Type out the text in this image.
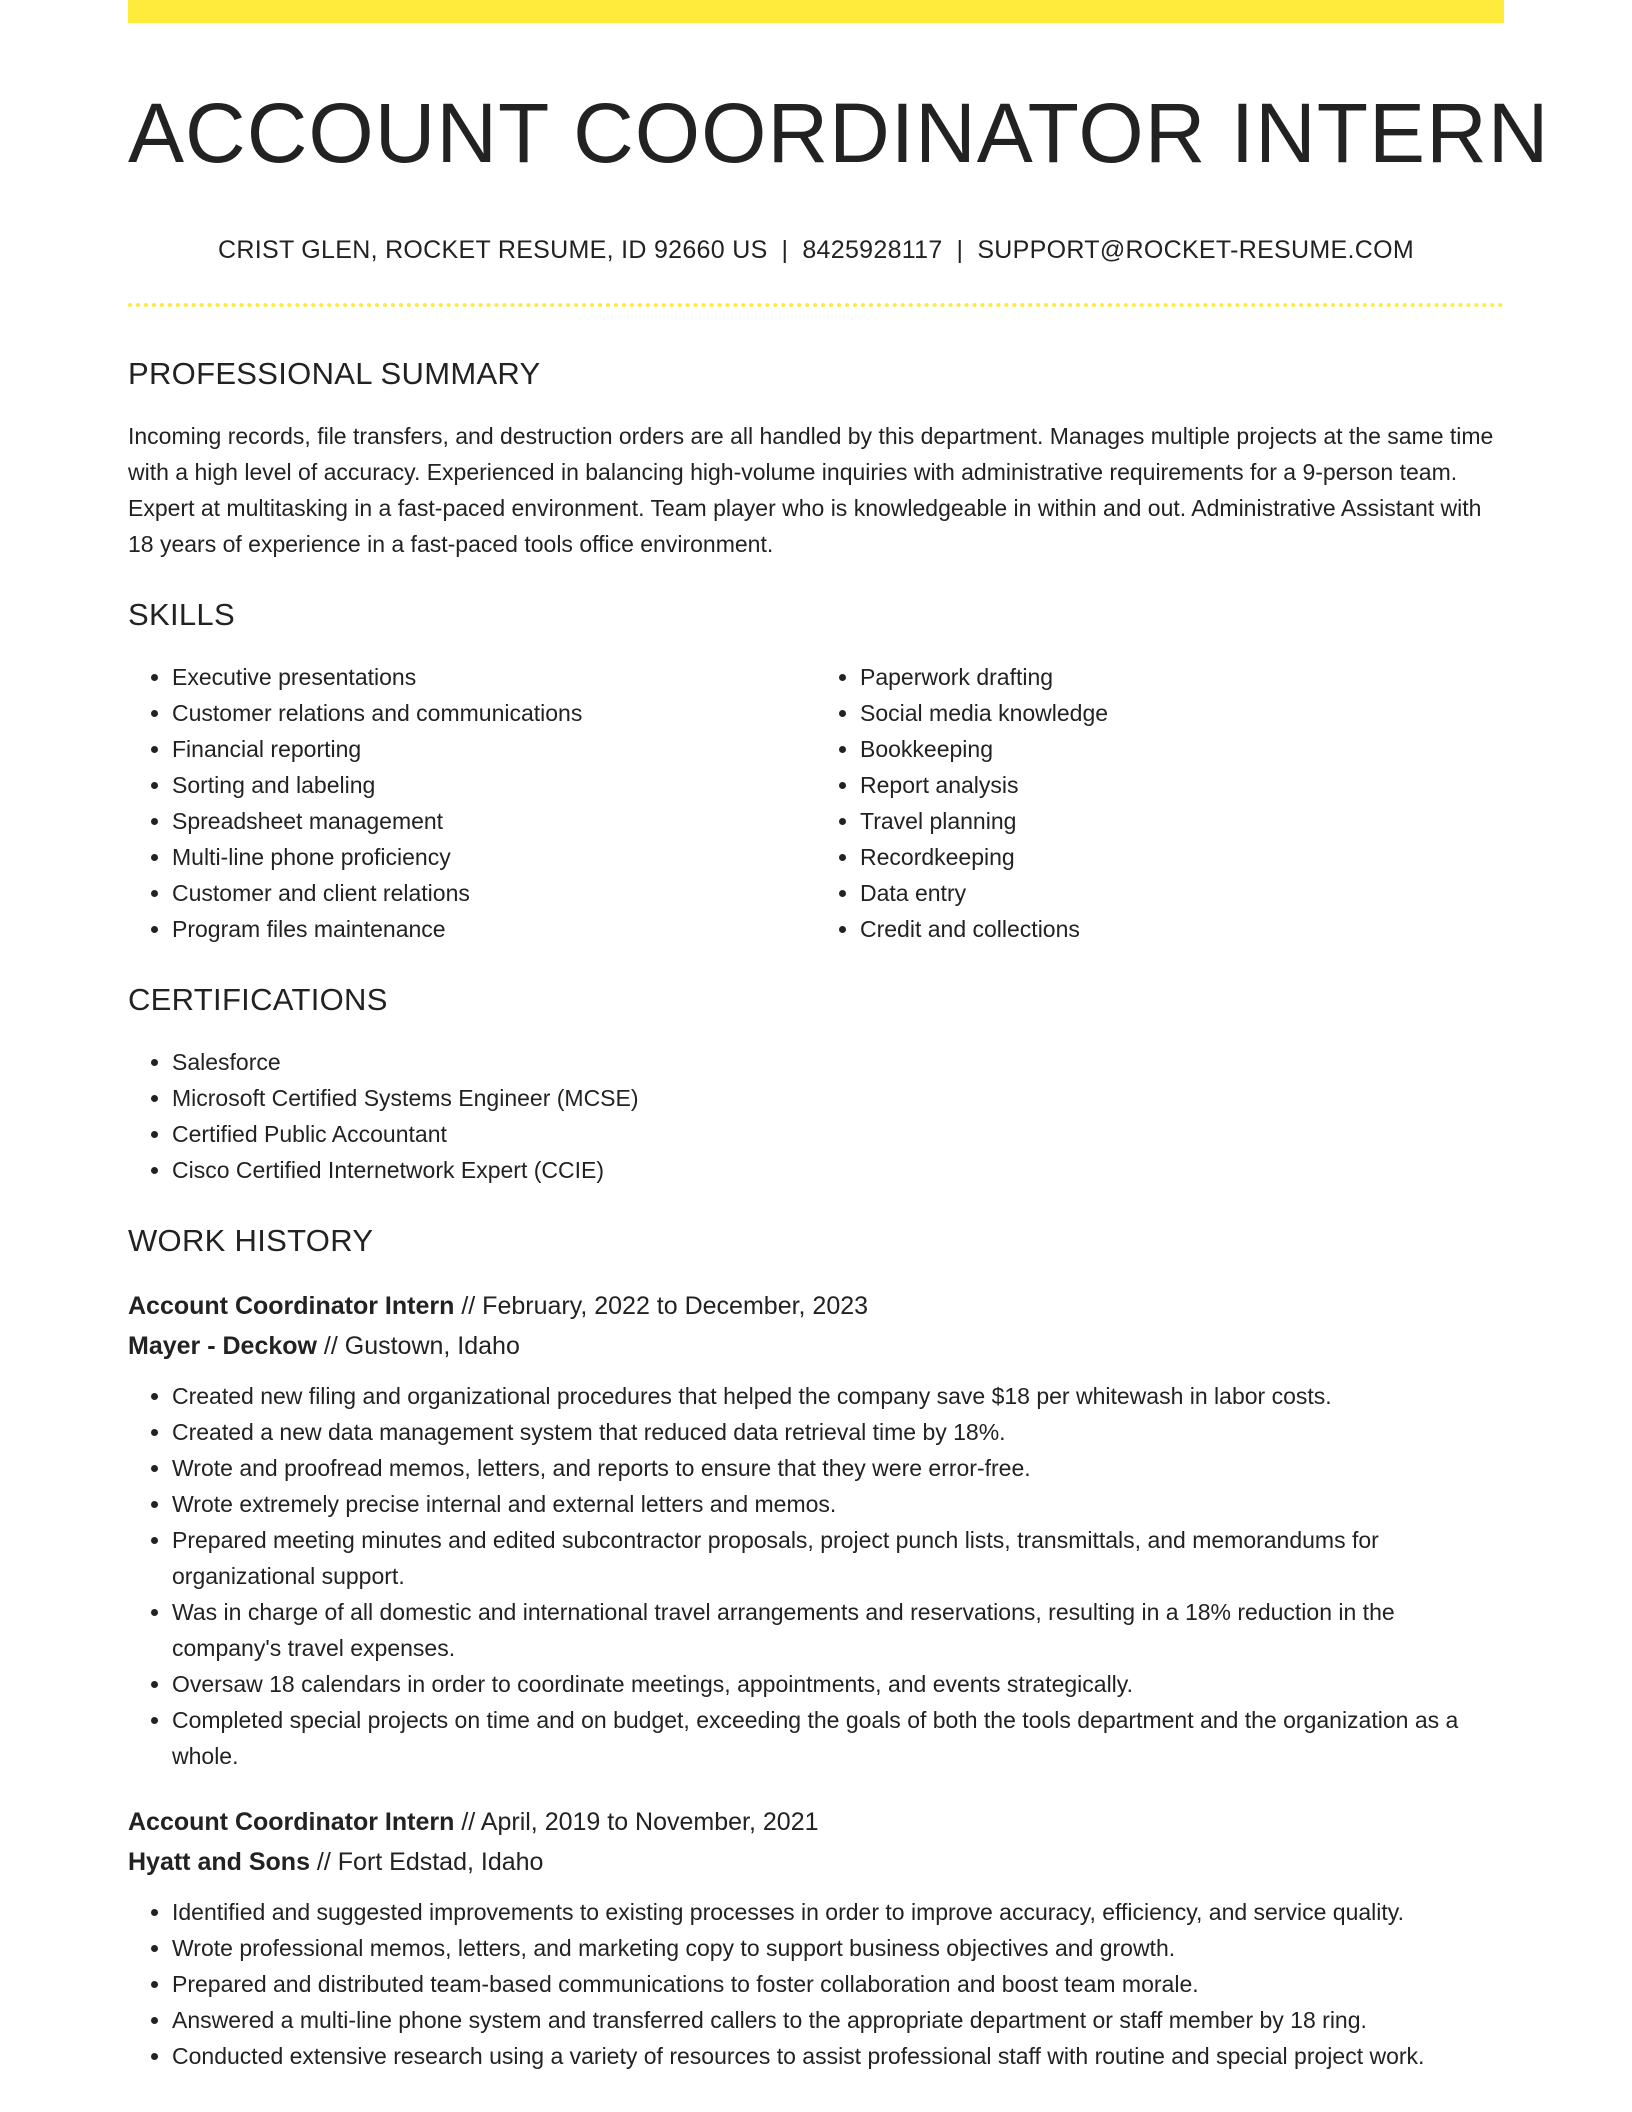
ACCOUNT COORDINATOR INTERN
CRIST GLEN, ROCKET RESUME, ID 92660 US | 8425928117 | SUPPORT@ROCKET-RESUME.COM
PROFESSIONAL SUMMARY

Incoming records, file transfers, and destruction orders are all handled by this department. Manages multiple projects at the same time with a high level of accuracy. Experienced in balancing high-volume inquiries with administrative requirements for a 9-person team. Expert at multitasking in a fast-paced environment. Team player who is knowledgeable in within and out. Administrative Assistant with 18 years of experience in a fast-paced tools office environment.

SKILLS
• Executive presentations
• Customer relations and communications
• Financial reporting
• Sorting and labeling
• Spreadsheet management
• Multi-line phone proficiency
• Customer and client relations
• Program files maintenance
• Paperwork drafting
• Social media knowledge
• Bookkeeping
• Report analysis
• Travel planning
• Recordkeeping
• Data entry
• Credit and collections
CERTIFICATIONS
• Salesforce
• Microsoft Certified Systems Engineer (MCSE)
• Certified Public Accountant
• Cisco Certified Internetwork Expert (CCIE)
WORK HISTORY
Account Coordinator Intern // February, 2022 to December, 2023
Mayer - Deckow // Gustown, Idaho
• Created new filing and organizational procedures that helped the company save $18 per whitewash in labor costs.
• Created a new data management system that reduced data retrieval time by 18%.
• Wrote and proofread memos, letters, and reports to ensure that they were error-free.
• Wrote extremely precise internal and external letters and memos.
• Prepared meeting minutes and edited subcontractor proposals, project punch lists, transmittals, and memorandums for organizational support.
• Was in charge of all domestic and international travel arrangements and reservations, resulting in a 18% reduction in the company's travel expenses.
• Oversaw 18 calendars in order to coordinate meetings, appointments, and events strategically.
• Completed special projects on time and on budget, exceeding the goals of both the tools department and the organization as a whole.
Account Coordinator Intern // April, 2019 to November, 2021
Hyatt and Sons // Fort Edstad, Idaho
• Identified and suggested improvements to existing processes in order to improve accuracy, efficiency, and service quality.
• Wrote professional memos, letters, and marketing copy to support business objectives and growth.
• Prepared and distributed team-based communications to foster collaboration and boost team morale.
• Answered a multi-line phone system and transferred callers to the appropriate department or staff member by 18 ring.
• Conducted extensive research using a variety of resources to assist professional staff with routine and special project work.
